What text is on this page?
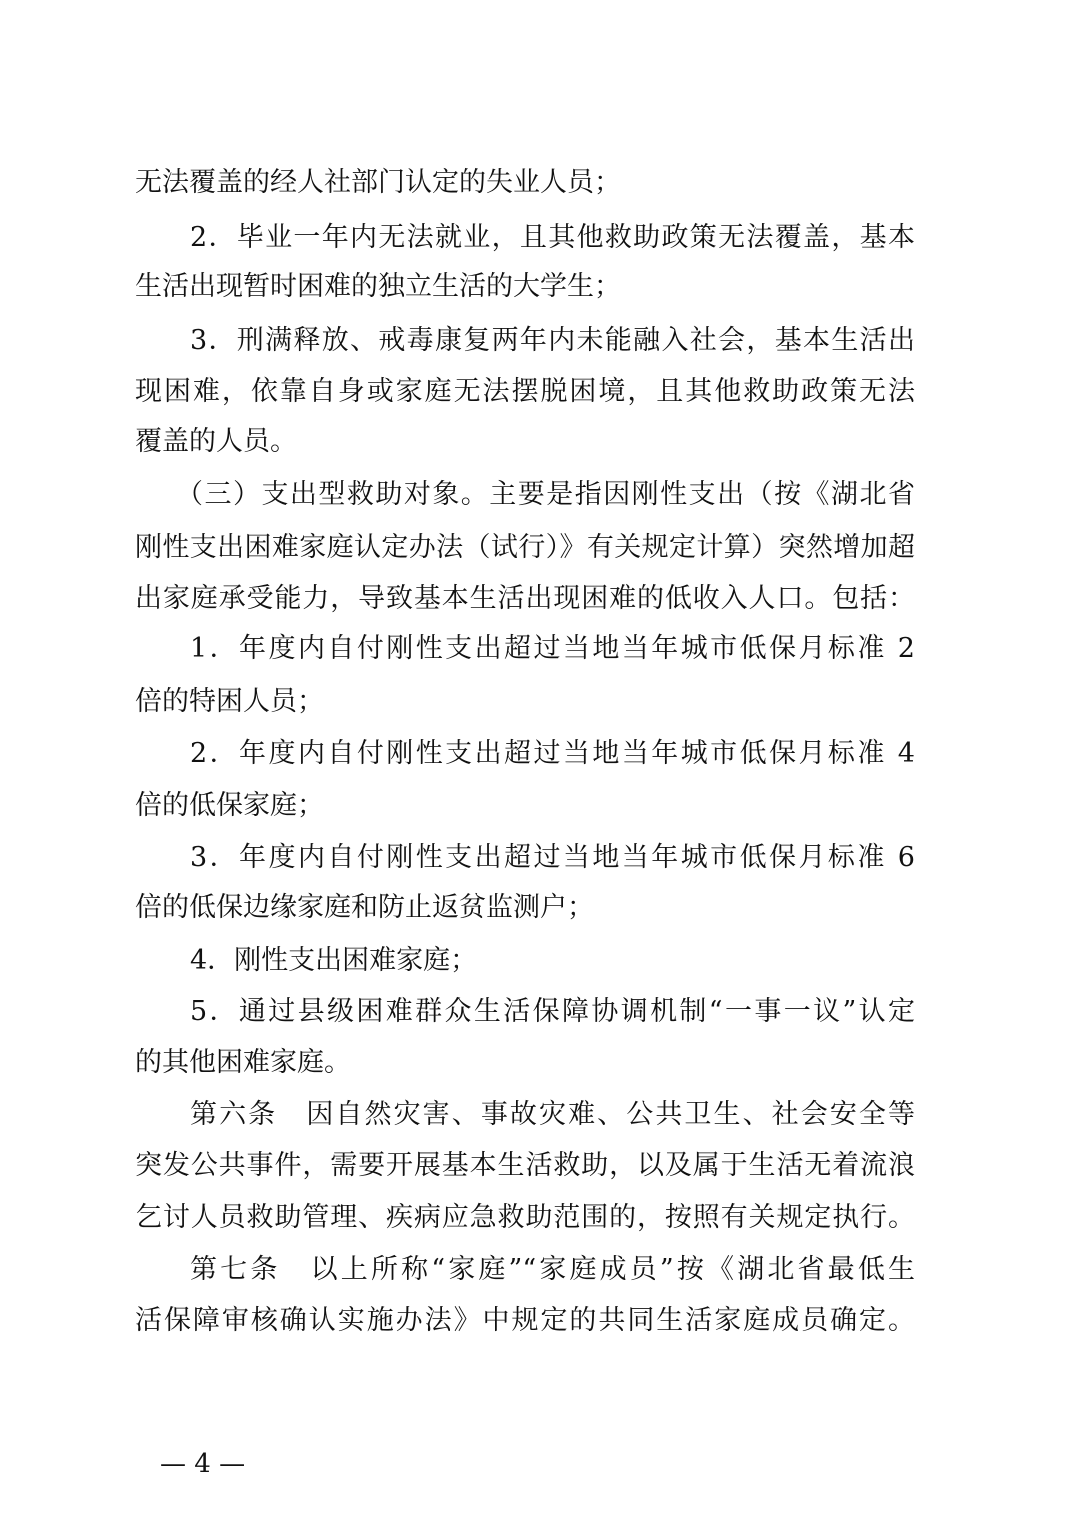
无法覆盖的经人社部门认定的失业人员；
2．毕业一年内无法就业，且其他救助政策无法覆盖，基本
生活出现暂时困难的独立生活的大学生；
3．刑满释放、戒毒康复两年内未能融入社会，基本生活出
现困难，依靠自身或家庭无法摆脱困境，且其他救助政策无法
覆盖的人员。
（三）支出型救助对象。主要是指因刚性支出（按《湖北省
刚性支出困难家庭认定办法（试行）》有关规定计算）突然增加超
出家庭承受能力，导致基本生活出现困难的低收入人口。包括：
1．年度内自付刚性支出超过当地当年城市低保月标准 2
倍的特困人员；
2．年度内自付刚性支出超过当地当年城市低保月标准 4
倍的低保家庭；
3．年度内自付刚性支出超过当地当年城市低保月标准 6
倍的低保边缘家庭和防止返贫监测户；
4．刚性支出困难家庭；
5．通过县级困难群众生活保障协调机制“一事一议”认定
的其他困难家庭。
第六条　因自然灾害、事故灾难、公共卫生、社会安全等
突发公共事件，需要开展基本生活救助，以及属于生活无着流浪
乞讨人员救助管理、疾病应急救助范围的，按照有关规定执行。
第七条　以上所称“家庭”“家庭成员”按《湖北省最低生
活保障审核确认实施办法》中规定的共同生活家庭成员确定。
— 4 —
